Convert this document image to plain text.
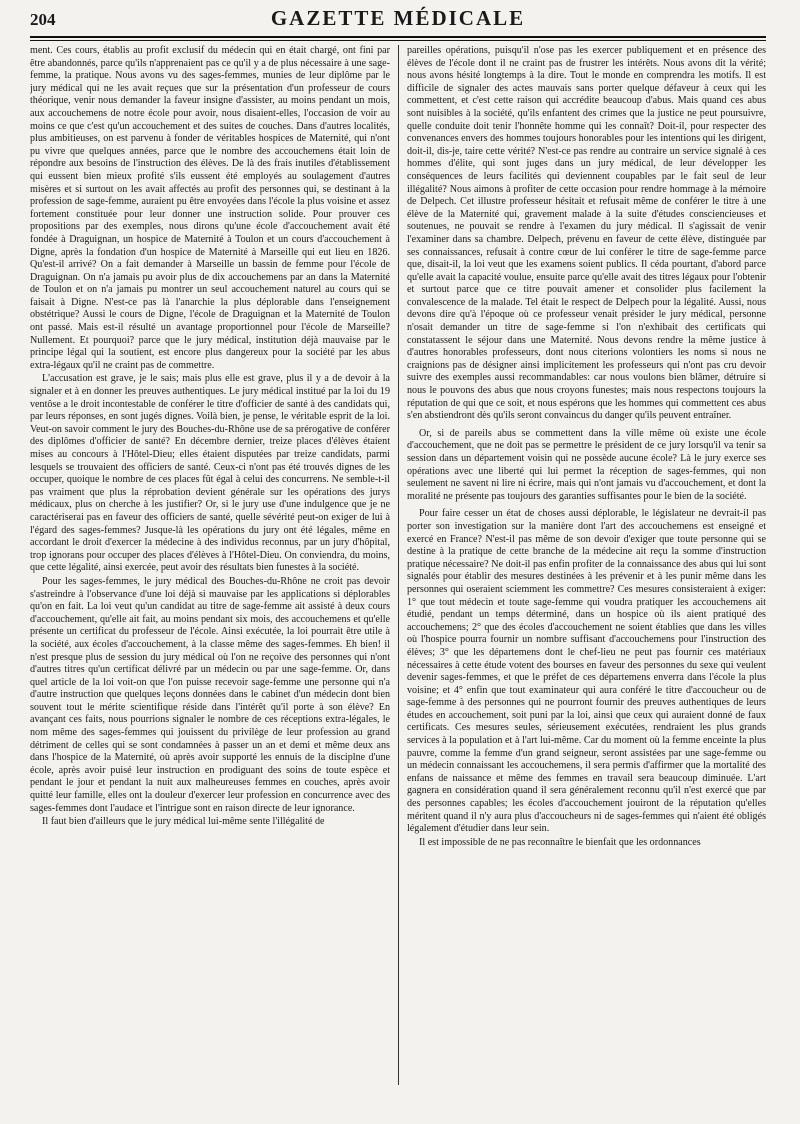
204	GAZETTE MÉDICALE

ment. Ces cours, établis au profit exclusif du médecin qui en était chargé, ont fini par être abandonnés, parce qu'ils n'apprenaient pas ce qu'il y a de plus nécessaire à une sage-femme, la pratique. Nous avons vu des sages-femmes, munies de leur diplôme par le jury médical qui ne les avait reçues que sur la présentation d'un professeur de cours théorique, venir nous demander la faveur insigne d'assister, au moins pendant un mois, aux accouchemens de notre école pour avoir, nous disaient-elles, l'occasion de voir au moins ce que c'est qu'un accouchement et des suites de couches. Dans d'autres localités, plus ambitieuses, on est parvenu à fonder de véritables hospices de Maternité, qui n'ont pu vivre que quelques années, parce que le nombre des accouchemens était loin de répondre aux besoins de l'instruction des élèves. De là des frais inutiles d'établissement qui eussent bien mieux profité s'ils eussent été employés au soulagement d'autres misères et si surtout on les avait affectés au profit des personnes qui, se destinant à la profession de sage-femme, auraient pu être envoyées dans l'école la plus voisine et assez fortement constituée pour leur donner une instruction solide. Pour prouver ces propositions par des exemples, nous dirons qu'une école d'accouchement avait été fondée à Draguignan, un hospice de Maternité à Toulon et un cours d'accouchement à Digne, après la fondation d'un hospice de Maternité à Marseille qui eut lieu en 1826. Qu'est-il arrivé? On a fait demander à Marseille un bassin de femme pour l'école de Draguignan. On n'a jamais pu avoir plus de dix accouchemens par an dans la Maternité de Toulon et on n'a jamais pu montrer un seul accouchement naturel au cours qui se faisait à Digne. N'est-ce pas là l'anarchie la plus déplorable dans l'enseignement obstétrique? Aussi le cours de Digne, l'école de Draguignan et la Maternité de Toulon ont passé. Mais est-il résulté un avantage proportionnel pour l'école de Marseille? Nullement. Et pourquoi? parce que le jury médical, institution déjà mauvaise par le principe légal qui la soutient, est encore plus dangereux pour la société par les abus extra-légaux qu'il ne craint pas de commettre.

L'accusation est grave, je le sais; mais plus elle est grave, plus il y a de devoir à la signaler et à en donner les preuves authentiques. Le jury médical institué par la loi du 19 ventôse a le droit incontestable de conférer le titre d'officier de santé à des candidats qui, par leurs réponses, en sont jugés dignes. Voilà bien, je pense, le véritable esprit de la loi. Veut-on savoir comment le jury des Bouches-du-Rhône use de sa prérogative de conférer des diplômes d'officier de santé? En décembre dernier, treize places d'élèves étaient mises au concours à l'Hôtel-Dieu; elles étaient disputées par treize candidats, parmi lesquels se trouvaient des officiers de santé. Ceux-ci n'ont pas été trouvés dignes de les occuper, quoique le nombre de ces places fût égal à celui des concurrens. Ne semble-t-il pas vraiment que plus la réprobation devient générale sur les opérations des jurys médicaux, plus on cherche à les justifier? Or, si le jury use d'une indulgence que je ne caractériserai pas en faveur des officiers de santé, quelle sévérité peut-on exiger de lui à l'égard des sages-femmes? Jusque-là les opérations du jury ont été légales, même en accordant le droit d'exercer la médecine à des individus reconnus, par un jury d'hôpital, trop ignorans pour occuper des places d'élèves à l'Hôtel-Dieu. On conviendra, du moins, que cette légalité, ainsi exercée, peut avoir des résultats bien funestes à la société.

Pour les sages-femmes, le jury médical des Bouches-du-Rhône ne croit pas devoir s'astreindre à l'observance d'une loi déjà si mauvaise par les applications si déplorables qu'on en fait. La loi veut qu'un candidat au titre de sage-femme ait assisté à deux cours d'accouchement, qu'elle ait fait, au moins pendant six mois, des accouchemens et qu'elle présente un certificat du professeur de l'école. Ainsi exécutée, la loi pourrait être utile à la société, aux écoles d'accouchement, à la classe même des sages-femmes. Eh bien! il n'est presque plus de session du jury médical où l'on ne reçoive des personnes qui n'ont d'autres titres qu'un certificat délivré par un médecin ou par une sage-femme. Or, dans quel article de la loi voit-on que l'on puisse recevoir sage-femme une personne qui n'a d'autre instruction que quelques leçons données dans le cabinet d'un médecin dont bien souvent tout le mérite scientifique réside dans l'intérêt qu'il porte à son élève? En avançant ces faits, nous pourrions signaler le nombre de ces réceptions extra-légales, le nom même des sages-femmes qui jouissent du privilège de leur profession au grand détriment de celles qui se sont condamnées à passer un an et demi et même deux ans dans l'hospice de la Maternité, où après avoir supporté les ennuis de la disciplne d'une école, après avoir puisé leur instruction en prodiguant des soins de toute espèce et pendant le jour et pendant la nuit aux malheureuses femmes en couches, après avoir quitté leur famille, elles ont la douleur d'exercer leur profession en concurrence avec des sages-femmes dont l'audace et l'intrigue sont en raison directe de leur ignorance.

Il faut bien d'ailleurs que le jury médical lui-même sente l'illégalité de

pareilles opérations, puisqu'il n'ose pas les exercer publiquement et en présence des élèves de l'école dont il ne craint pas de frustrer les intérêts. Nous avons dit la vérité; nous avons hésité longtemps à la dire. Tout le monde en comprendra les motifs. Il est difficile de signaler des actes mauvais sans porter quelque défaveur à ceux qui les commettent, et c'est cette raison qui accrédite beaucoup d'abus. Mais quand ces abus sont nuisibles à la société, qu'ils enfantent des crimes que la justice ne peut poursuivre, quelle conduite doit tenir l'honnête homme qui les connaît? Doit-il, pour respecter des convenances envers des hommes toujours honorables pour les intentions qui les dirigent, doit-il, dis-je, taire cette vérité? N'est-ce pas rendre au contraire un service signalé à ces hommes d'élite, qui sont juges dans un jury médical, de leur développer les conséquences de leurs facilités qui deviennent coupables par le fait seul de leur illégalité? Nous aimons à profiter de cette occasion pour rendre hommage à la mémoire de Delpech. Cet illustre professeur hésitait et refusait même de conférer le titre à une élève de la Maternité qui, gravement malade à la suite d'études consciencieuses et soutenues, ne pouvait se rendre à l'examen du jury médical. Il s'agissait de venir l'examiner dans sa chambre. Delpech, prévenu en faveur de cette élève, distinguée par ses connaissances, refusait à contre cœur de lui conférer le titre de sage-femme parce que, disait-il, la loi veut que les examens soient publics. Il céda pourtant, d'abord parce qu'elle avait la capacité voulue, ensuite parce qu'elle avait des titres légaux pour l'obtenir et surtout parce que ce titre pouvait amener et consolider plus facilement la convalescence de la malade. Tel était le respect de Delpech pour la légalité. Aussi, nous devons dire qu'à l'époque où ce professeur venait présider le jury médical, personne n'osait demander un titre de sage-femme si l'on n'exhibait des certificats qui constatassent le séjour dans une Maternité. Nous devons rendre la même justice à d'autres honorables professeurs, dont nous citerions volontiers les noms si nous ne craignions pas de désigner ainsi implicitement les professeurs qui n'ont pas cru devoir suivre des exemples aussi recommandables: car nous voulons bien blâmer, détruire si nous le pouvons des abus que nous croyons funestes; mais nous respectons toujours la réputation de qui que ce soit, et nous espérons que les hommes qui commettent ces abus s'en abstiendront dès qu'ils seront convaincus du danger qu'ils peuvent entraîner.

Or, si de pareils abus se commettent dans la ville même où existe une école d'accouchement, que ne doit pas se permettre le président de ce jury lorsqu'il va tenir sa session dans un département voisin qui ne possède aucune école? Là le jury exerce ses opérations avec une liberté qui lui permet la réception de sages-femmes, qui non seulement ne savent ni lire ni écrire, mais qui n'ont jamais vu d'accouchement, et dont la moralité ne présente pas toujours des garanties suffisantes pour le bien de la société.

Pour faire cesser un état de choses aussi déplorable, le législateur ne devrait-il pas porter son investigation sur la manière dont l'art des accouchemens est enseigné et exercé en France? N'est-il pas même de son devoir d'exiger que toute personne qui se destine à la pratique de cette branche de la médecine ait reçu la somme d'instruction pratique nécessaire? Ne doit-il pas enfin profiter de la connaissance des abus qui lui sont signalés pour établir des mesures destinées à les prévenir et à les punir même dans les personnes qui oseraient sciemment les commettre? Ces mesures consisteraient à exiger: 1° que tout médecin et toute sage-femme qui voudra pratiquer les accouchemens ait étudié, pendant un temps déterminé, dans un hospice où ils aient pratiqué des accouchemens; 2° que des écoles d'accouchement ne soient établies que dans les villes où l'hospice pourra fournir un nombre suffisant d'accouchemens pour l'instruction des élèves; 3° que les départemens dont le chef-lieu ne peut pas fournir ces matériaux nécessaires à cette étude votent des bourses en faveur des personnes du sexe qui veulent devenir sages-femmes, et que le préfet de ces départemens enverra dans l'école la plus voisine; et 4° enfin que tout examinateur qui aura conféré le titre d'accoucheur ou de sage-femme à des personnes qui ne pourront fournir des preuves authentiques de leurs études en accouchement, soit puni par la loi, ainsi que ceux qui auraient donné de faux certificats. Ces mesures seules, sérieusement exécutées, rendraient les plus grands services à la population et à l'art lui-même. Car du moment où la femme enceinte la plus pauvre, comme la femme d'un grand seigneur, seront assistées par une sage-femme ou un médecin connaissant les accouchemens, il sera permis d'affirmer que la mortalité des enfans de naissance et même des femmes en travail sera beaucoup diminuée. L'art gagnera en considération quand il sera généralement reconnu qu'il n'est exercé que par des personnes capables; les écoles d'accouchement jouiront de la réputation qu'elles méritent quand il n'y aura plus d'accoucheurs ni de sages-femmes qui n'aient été obligés légalement d'étudier dans leur sein.

Il est impossible de ne pas reconnaître le bienfait que les ordonnances
